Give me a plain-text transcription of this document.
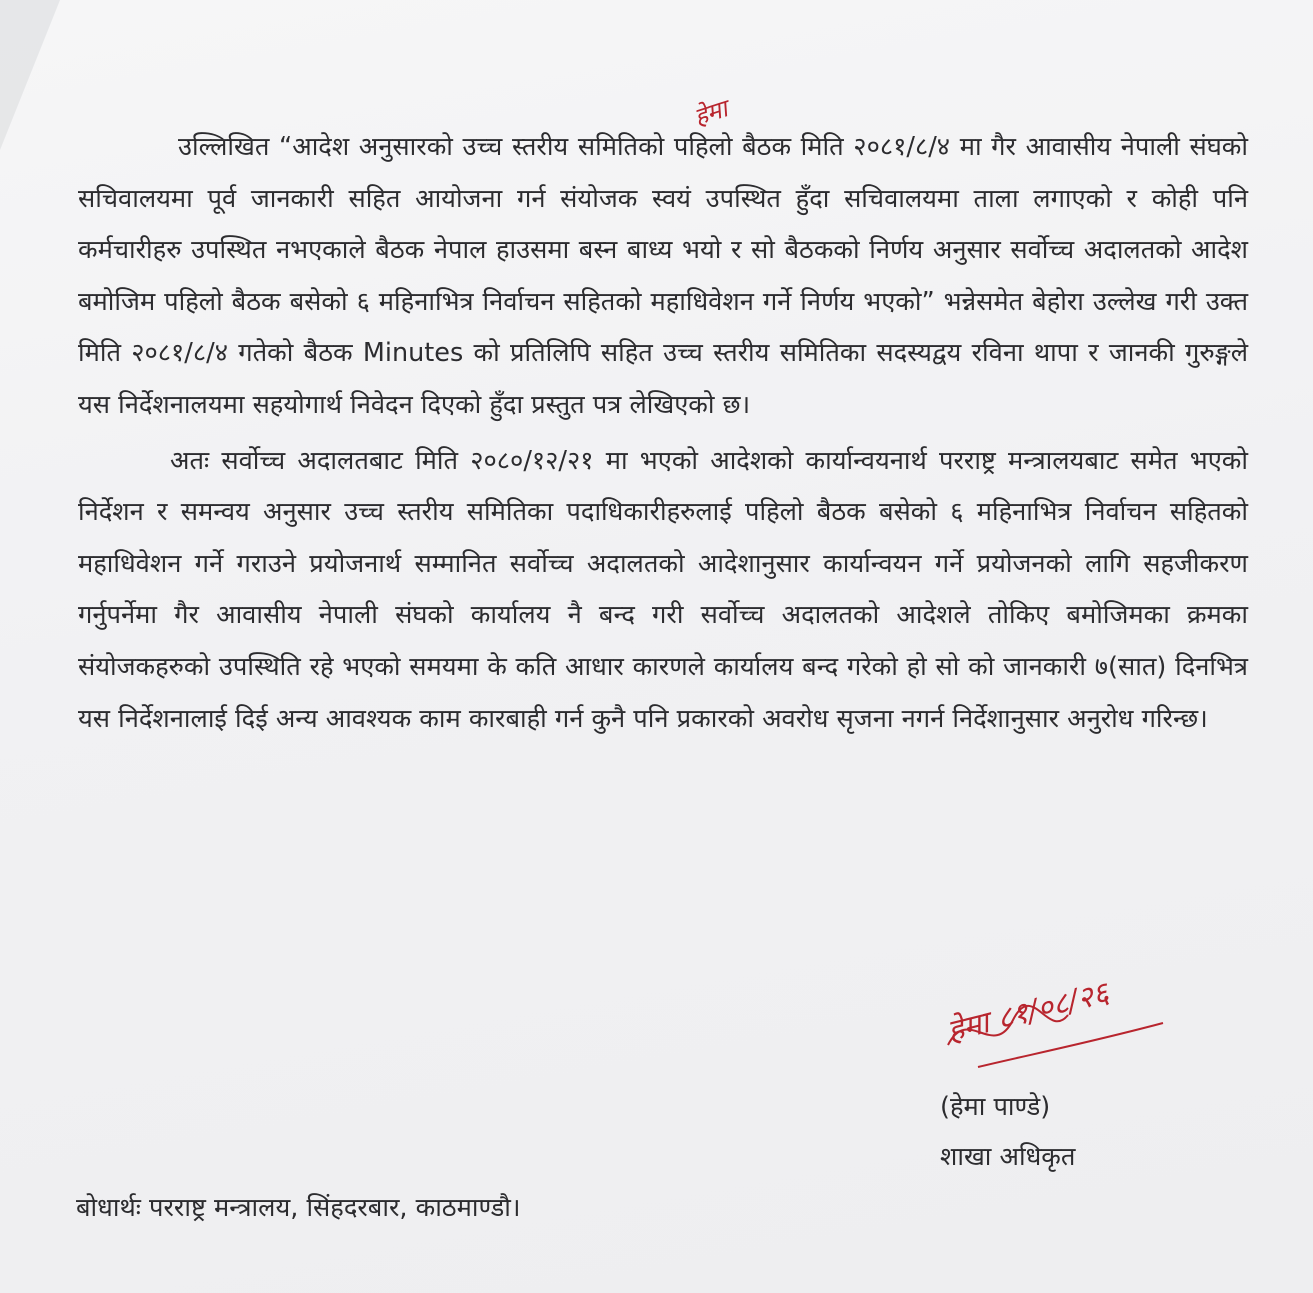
हेमा

उल्लिखित “आदेश अनुसारको उच्च स्तरीय समितिको पहिलो बैठक मिति २०८१/८/४ मा गैर आवासीय नेपाली संघको सचिवालयमा पूर्व जानकारी सहित आयोजना गर्न संयोजक स्वयं उपस्थित हुँदा सचिवालयमा ताला लगाएको र कोही पनि कर्मचारीहरु उपस्थित नभएकाले बैठक नेपाल हाउसमा बस्न बाध्य भयो र सो बैठकको निर्णय अनुसार सर्वोच्च अदालतको आदेश बमोजिम पहिलो बैठक बसेको ६ महिनाभित्र निर्वाचन सहितको महाधिवेशन गर्ने निर्णय भएको” भन्नेसमेत बेहोरा उल्लेख गरी उक्त मिति २०८१/८/४ गतेको बैठक Minutes को प्रतिलिपि सहित उच्च स्तरीय समितिका सदस्यद्वय रविना थापा र जानकी गुरुङ्गले यस निर्देशनालयमा सहयोगार्थ निवेदन दिएको हुँदा प्रस्तुत पत्र लेखिएको छ।

अतः सर्वोच्च अदालतबाट मिति २०८०/१२/२१ मा भएको आदेशको कार्यान्वयनार्थ परराष्ट्र मन्त्रालयबाट समेत भएको निर्देशन र समन्वय अनुसार उच्च स्तरीय समितिका पदाधिकारीहरुलाई पहिलो बैठक बसेको ६ महिनाभित्र निर्वाचन सहितको महाधिवेशन गर्ने गराउने प्रयोजनार्थ सम्मानित सर्वोच्च अदालतको आदेशानुसार कार्यान्वयन गर्ने प्रयोजनको लागि सहजीकरण गर्नुपर्नेमा गैर आवासीय नेपाली संघको कार्यालय नै बन्द गरी सर्वोच्च अदालतको आदेशले तोकिए बमोजिमका क्रमका संयोजकहरुको उपस्थिति रहे भएको समयमा के कति आधार कारणले कार्यालय बन्द गरेको हो सो को जानकारी ७(सात) दिनभित्र यस निर्देशनालाई दिई अन्य आवश्यक काम कारबाही गर्न कुनै पनि प्रकारको अवरोध सृजना नगर्न निर्देशानुसार अनुरोध गरिन्छ।

हेमा ८१/०८/२६
(हेमा पाण्डे)
शाखा अधिकृत
बोधार्थः परराष्ट्र मन्त्रालय, सिंहदरबार, काठमाण्डौ।
